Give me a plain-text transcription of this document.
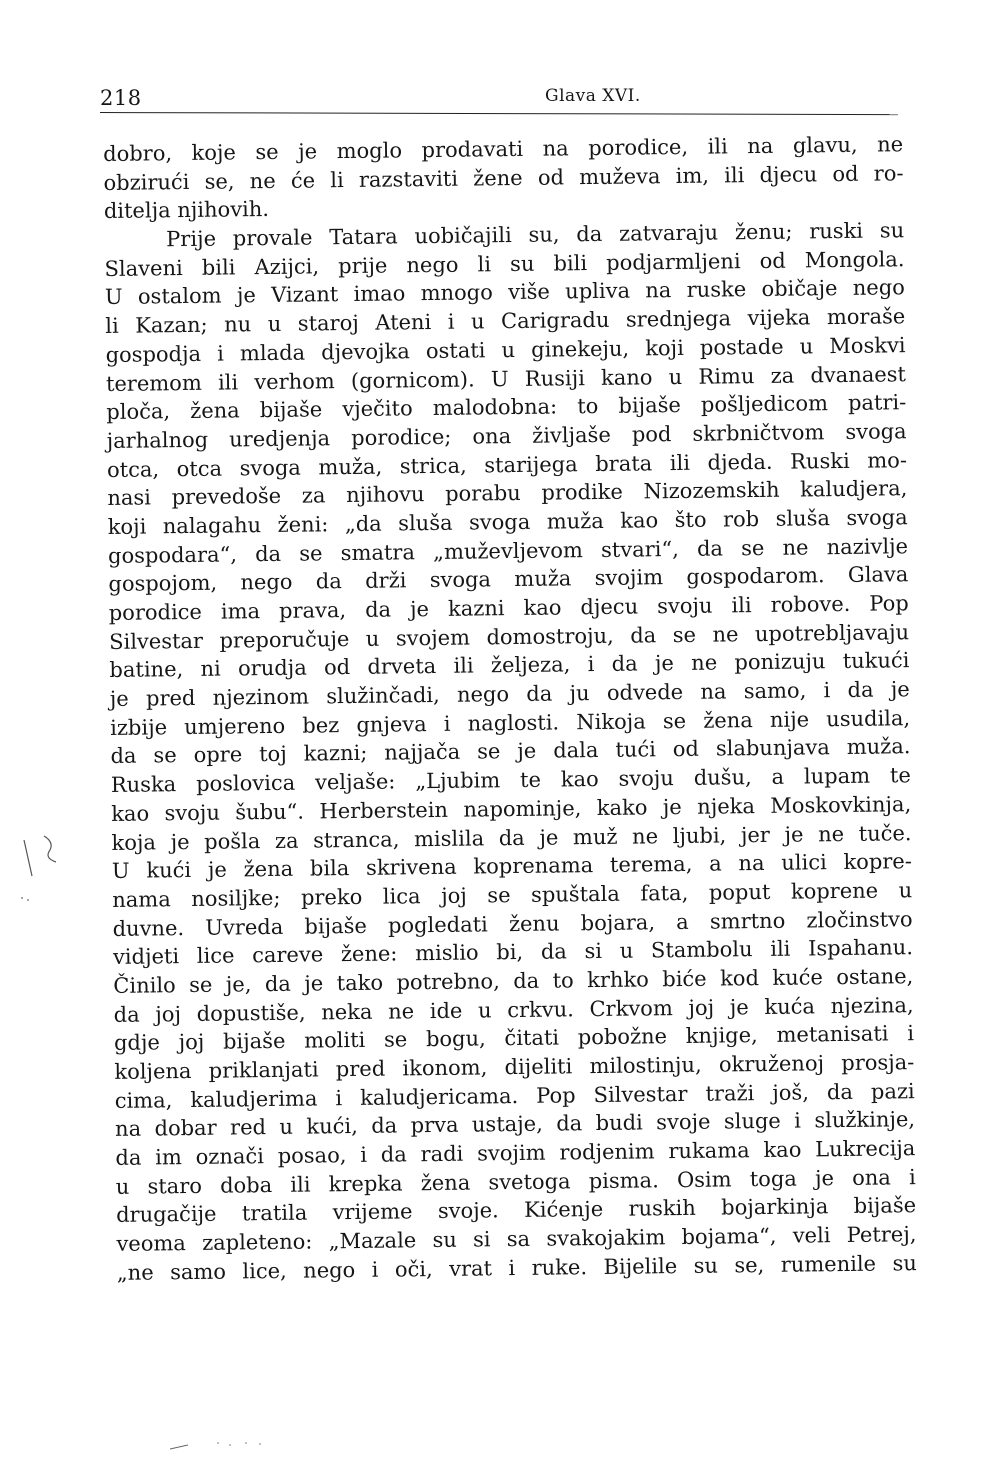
218	Glava XVI.
dobro, koje se je moglo prodavati na porodice, ili na glavu, ne
obzirući se, ne će li razstaviti žene od muževa im, ili djecu od ro-
ditelja njihovih.
Prije provale Tatara uobičajili su, da zatvaraju ženu; ruski su
Slaveni bili Azijci, prije nego li su bili podjarmljeni od Mongola.
U ostalom je Vizant imao mnogo više upliva na ruske običaje nego
li Kazan; nu u staroj Ateni i u Carigradu srednjega vijeka moraše
gospodja i mlada djevojka ostati u ginekeju, koji postade u Moskvi
teremom ili verhom (gornicom). U Rusiji kano u Rimu za dvanaest
ploča, žena bijaše vječito malodobna: to bijaše pošljedicom patri-
jarhalnog uredjenja porodice; ona življaše pod skrbničtvom svoga
otca, otca svoga muža, strica, starijega brata ili djeda. Ruski mo-
nasi prevedoše za njihovu porabu prodike Nizozemskih kaludjera,
koji nalagahu ženi: „da sluša svoga muža kao što rob sluša svoga
gospodara“, da se smatra „muževljevom stvari“, da se ne nazivlje
gospojom, nego da drži svoga muža svojim gospodarom. Glava
porodice ima prava, da je kazni kao djecu svoju ili robove. Pop
Silvestar preporučuje u svojem domostroju, da se ne upotrebljavaju
batine, ni orudja od drveta ili željeza, i da je ne ponizuju tukući
je pred njezinom služinčadi, nego da ju odvede na samo, i da je
izbije umjereno bez gnjeva i naglosti. Nikoja se žena nije usudila,
da se opre toj kazni; najjača se je dala tući od slabunjava muža.
Ruska poslovica veljaše: „Ljubim te kao svoju dušu, a lupam te
kao svoju šubu“. Herberstein napominje, kako je njeka Moskovkinja,
koja je pošla za stranca, mislila da je muž ne ljubi, jer je ne tuče.
U kući je žena bila skrivena koprenama terema, a na ulici kopre-
nama nosiljke; preko lica joj se spuštala fata, poput koprene u
duvne. Uvreda bijaše pogledati ženu bojara, a smrtno zločinstvo
vidjeti lice careve žene: mislio bi, da si u Stambolu ili Ispahanu.
Činilo se je, da je tako potrebno, da to krhko biće kod kuće ostane,
da joj dopustiše, neka ne ide u crkvu. Crkvom joj je kuća njezina,
gdje joj bijaše moliti se bogu, čitati pobožne knjige, metanisati i
koljena priklanjati pred ikonom, dijeliti milostinju, okruženoj prosja-
cima, kaludjerima i kaludjericama. Pop Silvestar traži još, da pazi
na dobar red u kući, da prva ustaje, da budi svoje sluge i služkinje,
da im označi posao, i da radi svojim rodjenim rukama kao Lukrecija
u staro doba ili krepka žena svetoga pisma. Osim toga je ona i
drugačije tratila vrijeme svoje. Kićenje ruskih bojarkinja bijaše
veoma zapleteno: „Mazale su si sa svakojakim bojama“, veli Petrej,
„ne samo lice, nego i oči, vrat i ruke. Bijelile su se, rumenile su
